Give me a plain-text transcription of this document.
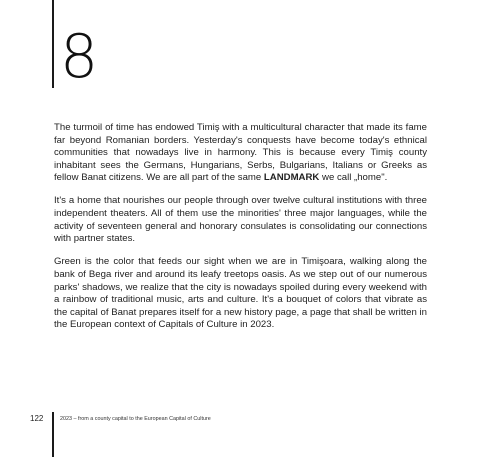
8

The turmoil of time has endowed Timiş with a multicultural character that made its fame far beyond Romanian borders. Yesterday's conquests have become today's ethnical communities that nowadays live in harmony. This is because every Timiş county inhabitant sees the Germans, Hungarians, Serbs, Bulgarians, Italians or Greeks as fellow Banat citizens. We are all part of the same LANDMARK we call „home".

It's a home that nourishes our people through over twelve cultural institutions with three independent theaters. All of them use the minorities' three major languages, while the activity of seventeen general and honorary consulates is consolidating our connections with partner states.

Green is the color that feeds our sight when we are in Timişoara, walking along the bank of Bega river and around its leafy treetops oasis. As we step out of our numerous parks' shadows, we realize that the city is nowadays spoiled during every weekend with a rainbow of traditional music, arts and culture. It's a bouquet of colors that vibrate as the capital of Banat prepares itself for a new history page, a page that shall be written in the European context of Capitals of Culture in 2023.

122	2023 – from a county capital to the European Capital of Culture
